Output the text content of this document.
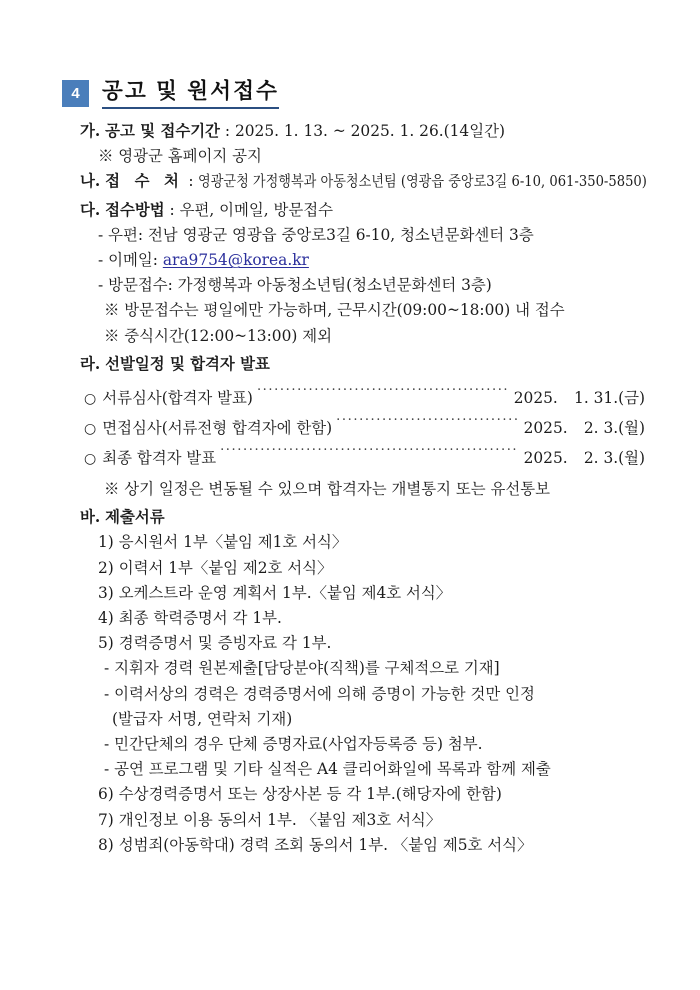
4	공고 및 원서접수
가. 공고 및 접수기간 : 2025. 1. 13. ~ 2025. 1. 26.(14일간)
※ 영광군 홈페이지 공지
나. 접 수 처 : 영광군청 가정행복과 아동청소년팀 (영광읍 중앙로3길 6-10, 061-350-5850)
다. 접수방법 : 우편, 이메일, 방문접수
- 우편: 전남 영광군 영광읍 중앙로3길 6-10, 청소년문화센터 3층
- 이메일: ara9754@korea.kr
- 방문접수: 가정행복과 아동청소년팀(청소년문화센터 3층)
※ 방문접수는 평일에만 가능하며, 근무시간(09:00~18:00) 내 접수
※ 중식시간(12:00~13:00) 제외
라. 선발일정 및 합격자 발표
○ 서류심사(합격자 발표) .....	2025. 1. 31.(금)
○ 면접심사(서류전형 합격자에 한함) .....	2025. 2. 3.(월)
○ 최종 합격자 발표 .....	2025. 2. 3.(월)
※ 상기 일정은 변동될 수 있으며 합격자는 개별통지 또는 유선통보
바. 제출서류
1) 응시원서 1부〈붙임 제1호 서식〉
2) 이력서 1부〈붙임 제2호 서식〉
3) 오케스트라 운영 계획서 1부.〈붙임 제4호 서식〉
4) 최종 학력증명서 각 1부.
5) 경력증명서 및 증빙자료 각 1부.
- 지휘자 경력 원본제출[담당분야(직책)를 구체적으로 기재]
- 이력서상의 경력은 경력증명서에 의해 증명이 가능한 것만 인정
(발급자 서명, 연락처 기재)
- 민간단체의 경우 단체 증명자료(사업자등록증 등) 첨부.
- 공연 프로그램 및 기타 실적은 A4 클리어화일에 목록과 함께 제출
6) 수상경력증명서 또는 상장사본 등 각 1부.(해당자에 한함)
7) 개인정보 이용 동의서 1부. 〈붙임 제3호 서식〉
8) 성범죄(아동학대) 경력 조회 동의서 1부. 〈붙임 제5호 서식〉
